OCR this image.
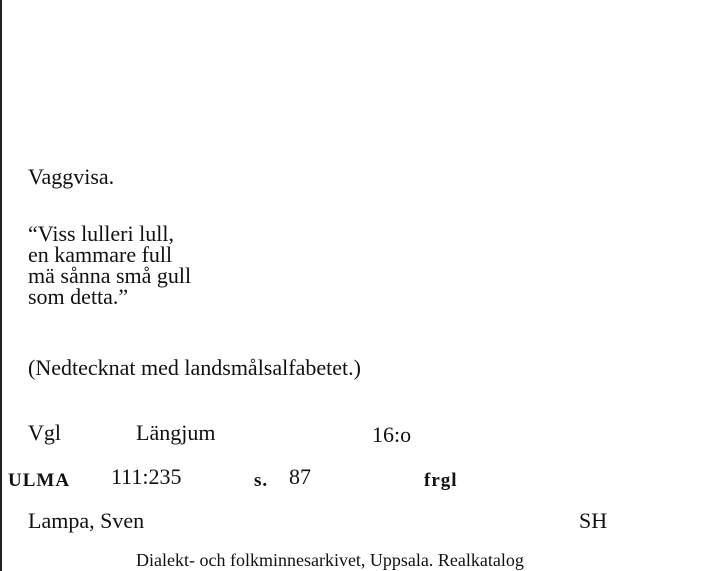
Vaggvisa.
“Viss lulleri lull,
en kammare full
mä sånna små gull
som detta.”
(Nedtecknat med landsmålsalfabetet.)
Vgl	Längjum	16:o
ULMA 111:235	s. 87	frgl
Lampa, Sven	SH
Dialekt- och folkminnesarkivet, Uppsala. Realkatalog
